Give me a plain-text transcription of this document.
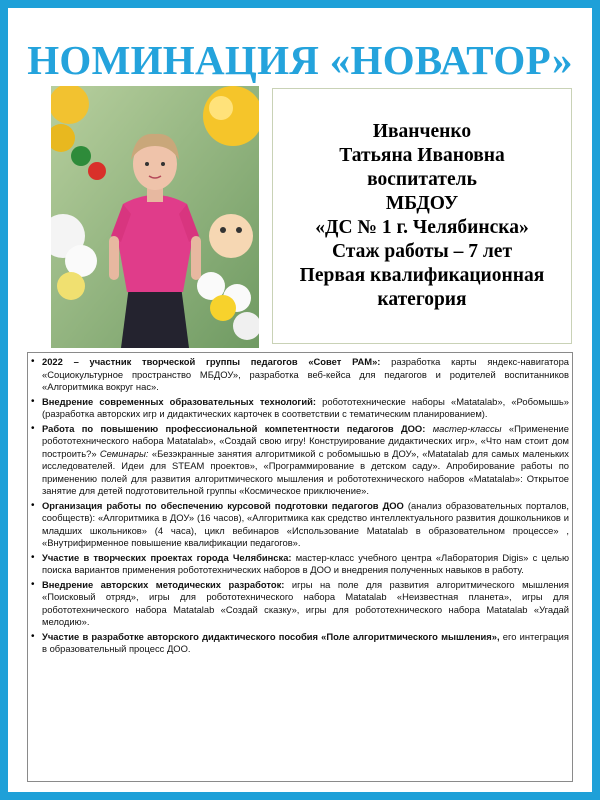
НОМИНАЦИЯ «НОВАТОР»
Иванченко
Татьяна Ивановна
воспитатель
МБДОУ
«ДС № 1 г. Челябинска»
Стаж работы – 7 лет
Первая квалификационная
категория
• 2022 – участник творческой группы педагогов «Совет РАМ»: разработка карты яндекс-навигатора «Социокультурное пространство МБДОУ», разработка веб-кейса для педагогов и родителей воспитанников «Алгоритмика вокруг нас».
• Внедрение современных образовательных технологий: робототехнические наборы «Matatalab», «Робомышь» (разработка авторских игр и дидактических карточек в соответствии с тематическим планированием).
• Работа по повышению профессиональной компетентности педагогов ДОО: мастер-классы «Применение робототехнического набора Matatalab», «Создай свою игру! Конструирование дидактических игр», «Что нам стоит дом построить?» Семинары: «Безэкранные занятия алгоритмикой с робомышью в ДОУ», «Matatalab для самых маленьких исследователей. Идеи для STEAM проектов», «Программирование в детском саду». Апробирование работы по применению полей для развития алгоритмического мышления и робототехнического наборов «Matatalab»: Открытое занятие для детей подготовительной группы «Космическое приключение».
• Организация работы по обеспечению курсовой подготовки педагогов ДОО (анализ образовательных порталов, сообществ): «Алгоритмика в ДОУ» (16 часов), «Алгоритмика как средство интеллектуального развития дошкольников и младших школьников» (4 часа), цикл вебинаров «Использование Matatalab в образовательном процессе» , «Внутрифирменное повышение квалификации педагогов».
• Участие в творческих проектах города Челябинска: мастер-класс учебного центра «Лаборатория Digis» с целью поиска вариантов применения робототехнических наборов в ДОО и внедрения полученных навыков в работу.
• Внедрение авторских методических разработок: игры на поле для развития алгоритмического мышления «Поисковый отряд», игры для робототехнического набора Matatalab «Неизвестная планета», игры для робототехнического набора Matatalab «Создай сказку», игры для робототехнического набора Matatalab «Угадай мелодию».
• Участие в разработке авторского дидактического пособия «Поле алгоритмического мышления», его интеграция в образовательный процесс ДОО.
